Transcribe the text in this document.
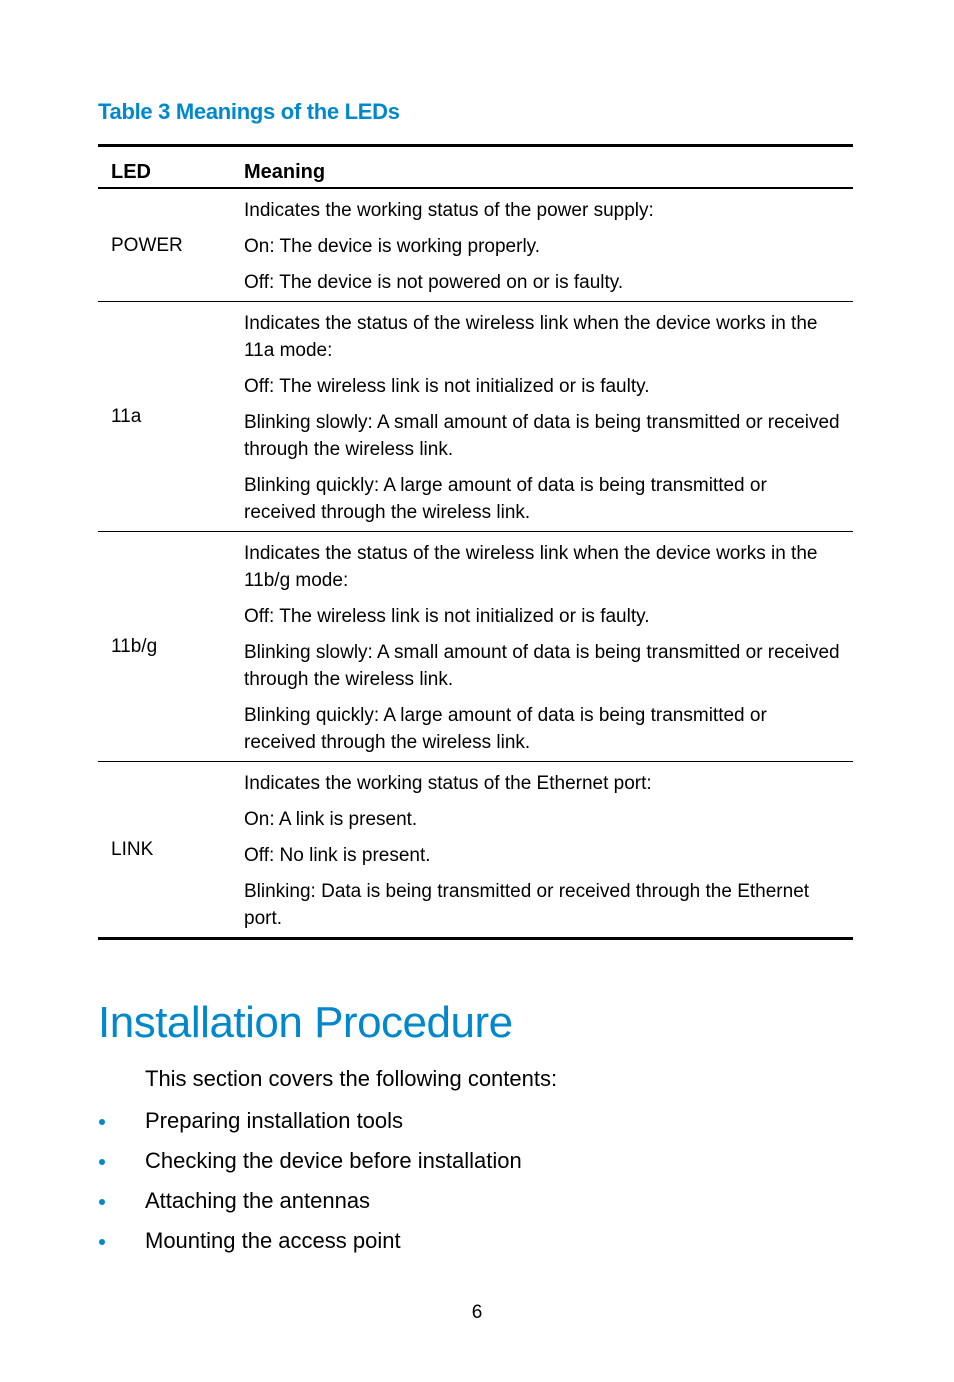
Table 3 Meanings of the LEDs
LED	Meaning
POWER	Indicates the working status of the power supply:
On: The device is working properly.
Off: The device is not powered on or is faulty.

11a	Indicates the status of the wireless link when the device works in the 11a mode:
Off: The wireless link is not initialized or is faulty.
Blinking slowly: A small amount of data is being transmitted or received through the wireless link.
Blinking quickly: A large amount of data is being transmitted or received through the wireless link.

11b/g	Indicates the status of the wireless link when the device works in the 11b/g mode:
Off: The wireless link is not initialized or is faulty.
Blinking slowly: A small amount of data is being transmitted or received through the wireless link.
Blinking quickly: A large amount of data is being transmitted or received through the wireless link.

LINK	Indicates the working status of the Ethernet port:
On: A link is present.
Off: No link is present.
Blinking: Data is being transmitted or received through the Ethernet port.
Installation Procedure

This section covers the following contents:

Preparing installation tools
Checking the device before installation
Attaching the antennas
Mounting the access point
6
